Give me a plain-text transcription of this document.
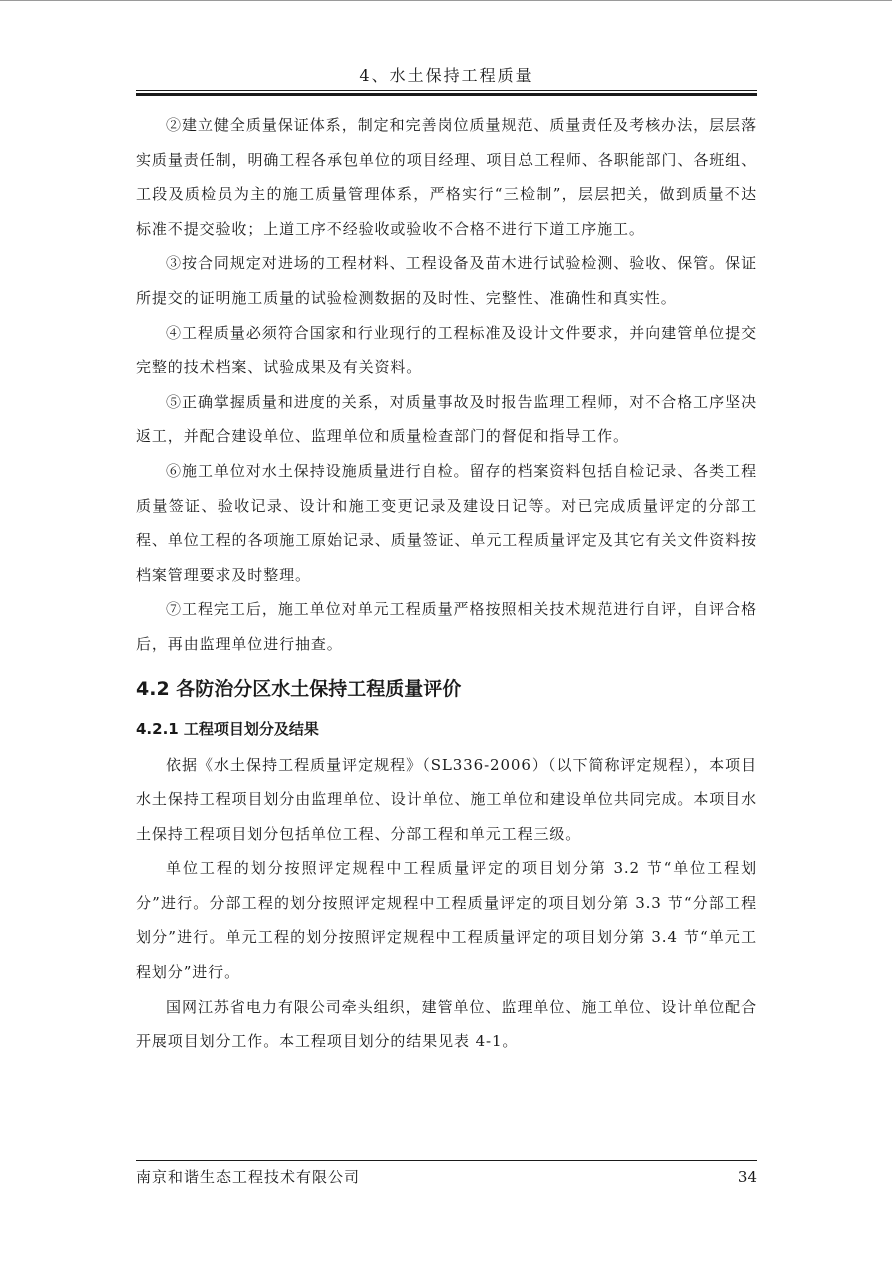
4、水土保持工程质量

②建立健全质量保证体系，制定和完善岗位质量规范、质量责任及考核办法，层层落实质量责任制，明确工程各承包单位的项目经理、项目总工程师、各职能部门、各班组、工段及质检员为主的施工质量管理体系，严格实行“三检制”，层层把关，做到质量不达标准不提交验收；上道工序不经验收或验收不合格不进行下道工序施工。

③按合同规定对进场的工程材料、工程设备及苗木进行试验检测、验收、保管。保证所提交的证明施工质量的试验检测数据的及时性、完整性、准确性和真实性。

④工程质量必须符合国家和行业现行的工程标准及设计文件要求，并向建管单位提交完整的技术档案、试验成果及有关资料。

⑤正确掌握质量和进度的关系，对质量事故及时报告监理工程师，对不合格工序坚决返工，并配合建设单位、监理单位和质量检查部门的督促和指导工作。

⑥施工单位对水土保持设施质量进行自检。留存的档案资料包括自检记录、各类工程质量签证、验收记录、设计和施工变更记录及建设日记等。对已完成质量评定的分部工程、单位工程的各项施工原始记录、质量签证、单元工程质量评定及其它有关文件资料按档案管理要求及时整理。

⑦工程完工后，施工单位对单元工程质量严格按照相关技术规范进行自评，自评合格后，再由监理单位进行抽查。

4.2 各防治分区水土保持工程质量评价
4.2.1 工程项目划分及结果

依据《水土保持工程质量评定规程》（SL336-2006）（以下简称评定规程），本项目水土保持工程项目划分由监理单位、设计单位、施工单位和建设单位共同完成。本项目水土保持工程项目划分包括单位工程、分部工程和单元工程三级。

单位工程的划分按照评定规程中工程质量评定的项目划分第 3.2 节“单位工程划分”进行。分部工程的划分按照评定规程中工程质量评定的项目划分第 3.3 节“分部工程划分”进行。单元工程的划分按照评定规程中工程质量评定的项目划分第 3.4 节“单元工程划分”进行。

国网江苏省电力有限公司牵头组织，建管单位、监理单位、施工单位、设计单位配合开展项目划分工作。本工程项目划分的结果见表 4-1。

南京和谐生态工程技术有限公司	34
